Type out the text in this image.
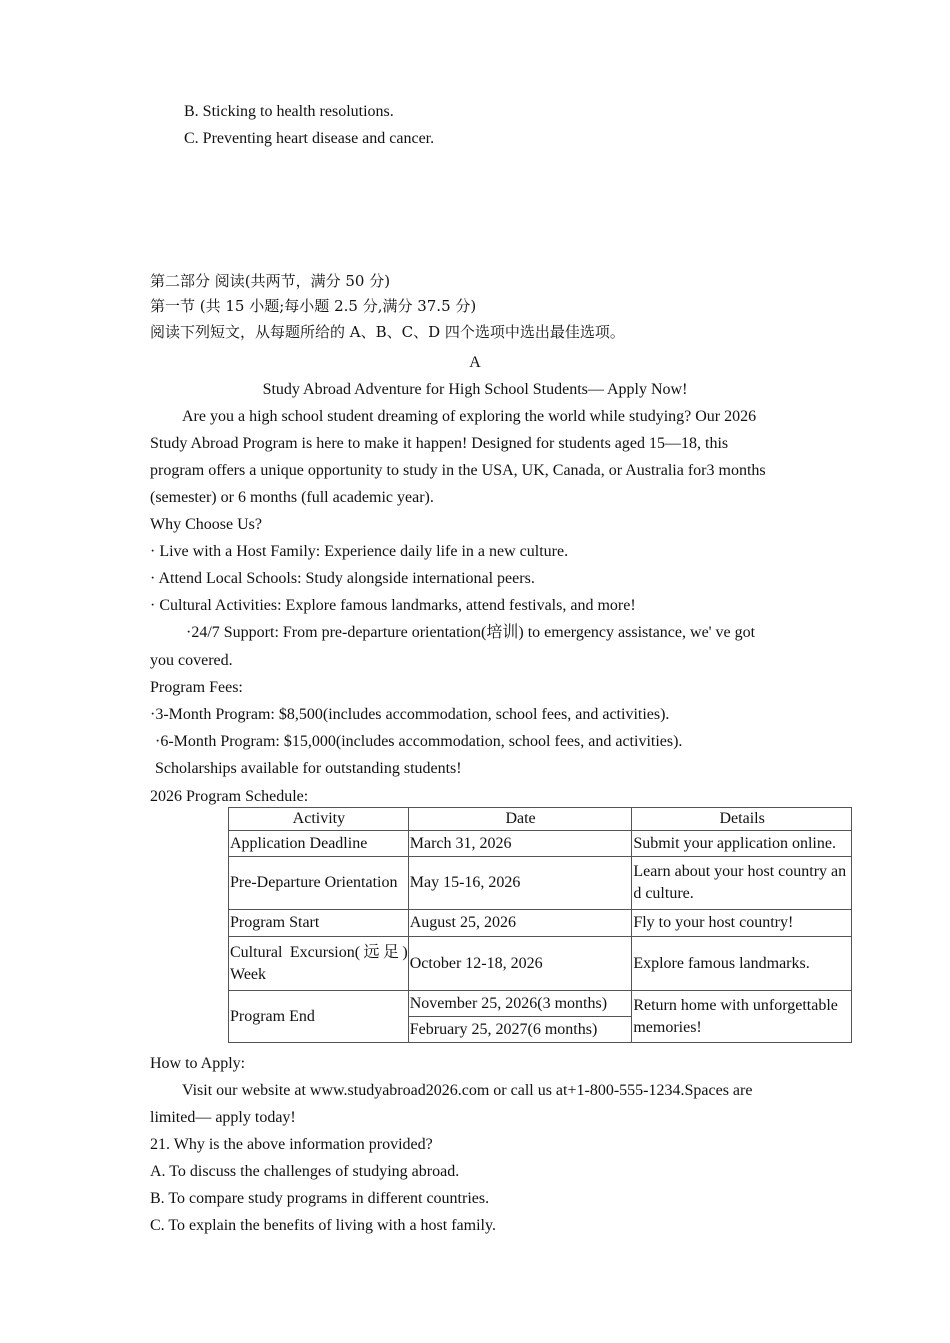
B. Sticking to health resolutions.
C. Preventing heart disease and cancer.
第二部分 阅读(共两节，满分 50 分)
第一节 (共 15 小题;每小题 2.5 分,满分 37.5 分)
阅读下列短文，从每题所给的 A、B、C、D 四个选项中选出最佳选项。
A
Study Abroad Adventure for High School Students— Apply Now!
Are you a high school student dreaming of exploring the world while studying? Our 2026
Study Abroad Program is here to make it happen! Designed for students aged 15—18, this
program offers a unique opportunity to study in the USA, UK, Canada, or Australia for3 months
(semester) or 6 months (full academic year).
Why Choose Us?
· Live with a Host Family: Experience daily life in a new culture.
· Attend Local Schools: Study alongside international peers.
· Cultural Activities: Explore famous landmarks, attend festivals, and more!
·24/7 Support: From pre-departure orientation(培训) to emergency assistance, we' ve got
you covered.
Program Fees:
·3-Month Program: $8,500(includes accommodation, school fees, and activities).
·6-Month Program: $15,000(includes accommodation, school fees, and activities).
Scholarships available for outstanding students!
2026 Program Schedule:
Activity	Date	Details
Application Deadline	March 31, 2026	Submit your application online.
Pre-Departure Orientation	May 15-16, 2026	Learn about your host country and culture.
Program Start	August 25, 2026	Fly to your host country!
Cultural Excursion(远足) Week	October 12-18, 2026	Explore famous landmarks.
Program End	November 25, 2026(3 months)	Return home with unforgettable memories!
	February 25, 2027(6 months)	
How to Apply:
Visit our website at www.studyabroad2026.com or call us at+1-800-555-1234.Spaces are
limited— apply today!
21. Why is the above information provided?
A. To discuss the challenges of studying abroad.
B. To compare study programs in different countries.
C. To explain the benefits of living with a host family.
